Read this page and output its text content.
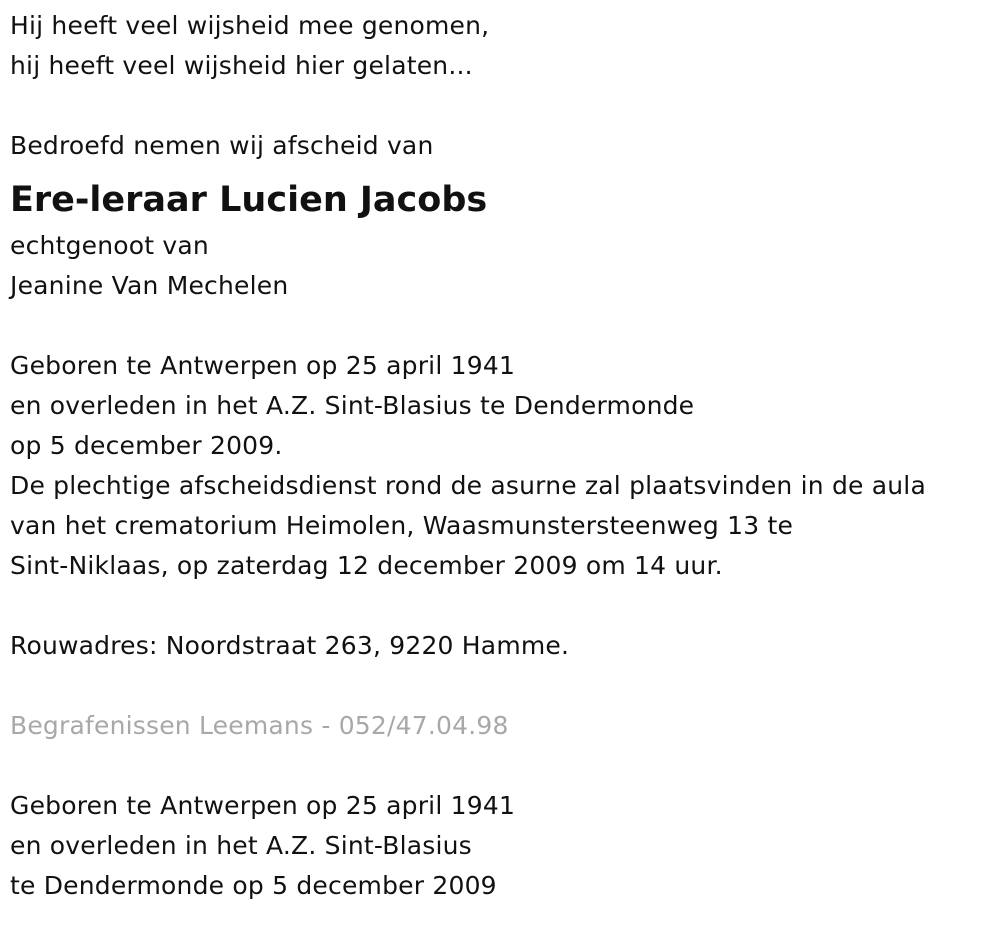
Hij heeft veel wijsheid mee genomen,
hij heeft veel wijsheid hier gelaten...
Bedroefd nemen wij afscheid van
Ere-leraar Lucien Jacobs
echtgenoot van
Jeanine Van Mechelen
Geboren te Antwerpen op 25 april 1941
en overleden in het A.Z. Sint-Blasius te Dendermonde
op 5 december 2009.
De plechtige afscheidsdienst rond de asurne zal plaatsvinden in de aula
van het crematorium Heimolen, Waasmunstersteenweg 13 te
Sint-Niklaas, op zaterdag 12 december 2009 om 14 uur.
Rouwadres: Noordstraat 263, 9220 Hamme.
Begrafenissen Leemans - 052/47.04.98
Geboren te Antwerpen op 25 april 1941
en overleden in het A.Z. Sint-Blasius
te Dendermonde op 5 december 2009
